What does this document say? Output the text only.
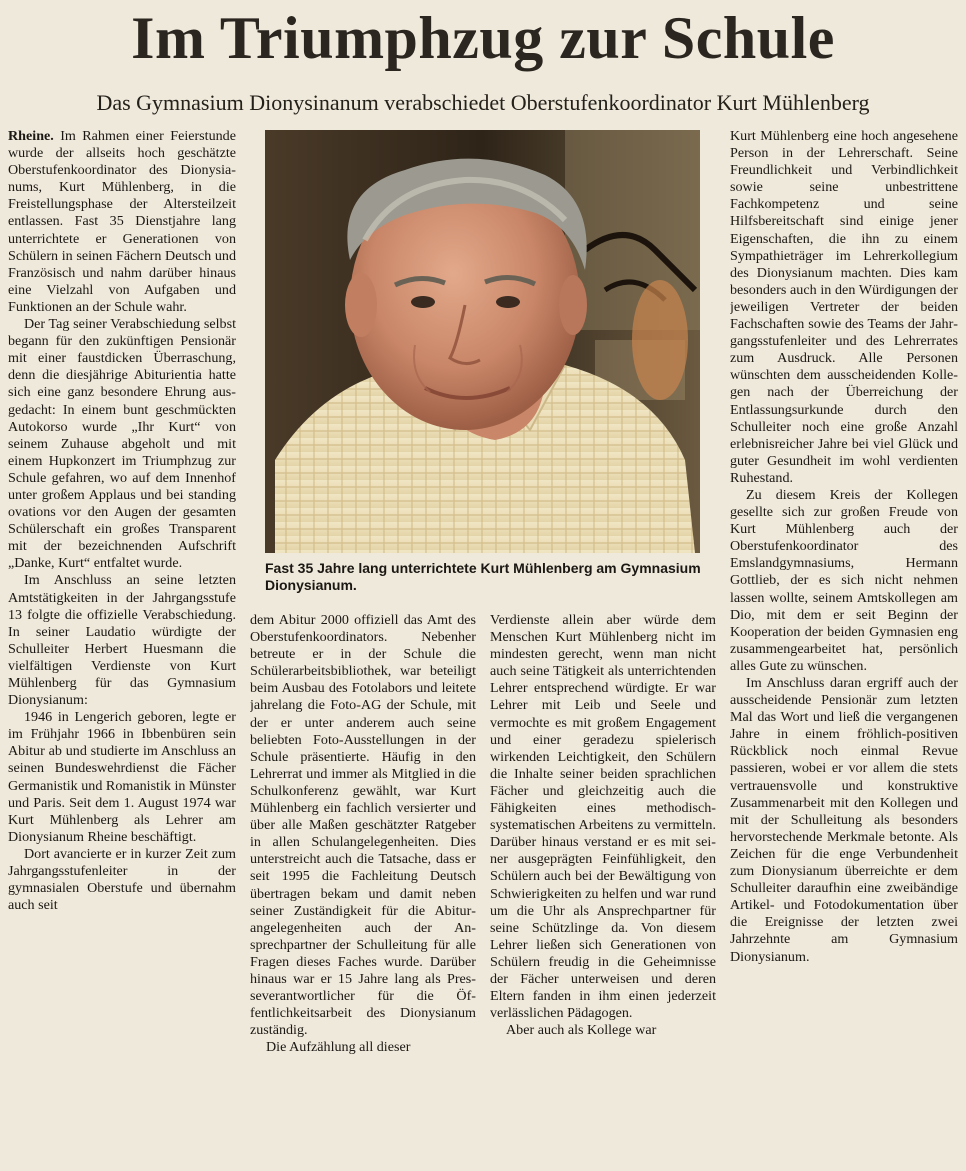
Im Triumphzug zur Schule
Das Gymnasium Dionysinanum verabschiedet Oberstufenkoordinator Kurt Mühlenberg

Rheine. Im Rahmen einer Feierstunde wurde der allseits hoch geschätzte Oberstufenkoordinator des Dionysianums, Kurt Mühlenberg, in die Freistellungsphase der Altersteilzeit entlassen. Fast 35 Dienstjahre lang unterrichtete er Generationen von Schülern in seinen Fächern Deutsch und Französisch und nahm darüber hinaus eine Vielzahl von Aufgaben und Funktionen an der Schule wahr.

Der Tag seiner Verabschiedung selbst begann für den zukünftigen Pensionär mit einer faustdicken Überraschung, denn die diesjährige Abiturientia hatte sich eine ganz besondere Ehrung ausgedacht: In einem bunt geschmückten Autokorso wurde „Ihr Kurt“ von seinem Zuhause abgeholt und mit einem Hupkonzert im Triumphzug zur Schule gefahren, wo auf dem Innenhof unter großem Applaus und bei standing ovations vor den Augen der gesamten Schülerschaft ein großes Transparent mit der bezeichnenden Aufschrift „Danke, Kurt“ entfaltet wurde.

Im Anschluss an seine letzten Amtstätigkeiten in der Jahrgangsstufe 13 folgte die offizielle Verabschiedung. In seiner Laudatio würdigte der Schulleiter Herbert Huesmann die vielfältigen Verdienste von Kurt Mühlenberg für das Gymnasium Dionysianum:

1946 in Lengerich geboren, legte er im Frühjahr 1966 in Ibbenbüren sein Abitur ab und studierte im Anschluss an seinen Bundeswehrdienst die Fächer Germanistik und Romanistik in Münster und Paris. Seit dem 1. August 1974 war Kurt Mühlenberg als Lehrer am Dionysianum Rheine beschäftigt.

Dort avancierte er in kurzer Zeit zum Jahrgangsstufenleiter in der gymnasialen Oberstufe und übernahm auch seit

Fast 35 Jahre lang unterrichtete Kurt Mühlenberg am Gymnasium Dionysianum.

dem Abitur 2000 offiziell das Amt des Oberstufenkoordinators. Nebenher betreute er in der Schule die Schülerarbeitsbibliothek, war beteiligt beim Ausbau des Fotolabors und leitete jahrelang die Foto-AG der Schule, mit der er unter anderem auch seine beliebten Foto-Ausstellungen in der Schule präsentierte. Häufig in den Lehrerrat und immer als Mitglied in die Schulkonferenz gewählt, war Kurt Mühlenberg ein fachlich versierter und über alle Maßen geschätzter Ratgeber in allen Schulangelegenheiten. Dies unterstreicht auch die Tatsache, dass er seit 1995 die Fachleitung Deutsch übertragen bekam und damit neben seiner Zuständigkeit für die Abiturangelegenheiten auch der Ansprechpartner der Schulleitung für alle Fragen dieses Faches wurde. Darüber hinaus war er 15 Jahre lang als Presseverantwortlicher für die Öffentlichkeitsarbeit des Dionysianum zuständig.

Die Aufzählung all dieser

Verdienste allein aber würde dem Menschen Kurt Mühlenberg nicht im mindesten gerecht, wenn man nicht auch seine Tätigkeit als unterrichtenden Lehrer entsprechend würdigte. Er war Lehrer mit Leib und Seele und vermochte es mit großem Engagement und einer geradezu spielerisch wirkenden Leichtigkeit, den Schülern die Inhalte seiner beiden sprachlichen Fächer und gleichzeitig auch die Fähigkeiten eines methodisch-systematischen Arbeitens zu vermitteln. Darüber hinaus verstand er es mit seiner ausgeprägten Feinfühligkeit, den Schülern auch bei der Bewältigung von Schwierigkeiten zu helfen und war rund um die Uhr als Ansprechpartner für seine Schützlinge da. Von diesem Lehrer ließen sich Generationen von Schülern freudig in die Geheimnisse der Fächer unterweisen und deren Eltern fanden in ihm einen jederzeit verlässlichen Pädagogen.

Aber auch als Kollege war

Kurt Mühlenberg eine hoch angesehene Person in der Lehrerschaft. Seine Freundlichkeit und Verbindlichkeit sowie seine unbestrittene Fachkompetenz und seine Hilfsbereitschaft sind einige jener Eigenschaften, die ihn zu einem Sympathieträger im Lehrerkollegium des Dionysianum machten. Dies kam besonders auch in den Würdigungen der jeweiligen Vertreter der beiden Fachschaften sowie des Teams der Jahrgangsstufenleiter und des Lehrerrates zum Ausdruck. Alle Personen wünschten dem ausscheidenden Kollegen nach der Überreichung der Entlassungsurkunde durch den Schulleiter noch eine große Anzahl erlebnisreicher Jahre bei viel Glück und guter Gesundheit im wohl verdienten Ruhestand.

Zu diesem Kreis der Kollegen gesellte sich zur großen Freude von Kurt Mühlenberg auch der Oberstufenkoordinator des Emslandgymnasiums, Hermann Gottlieb, der es sich nicht nehmen lassen wollte, seinem Amtskollegen am Dio, mit dem er seit Beginn der Kooperation der beiden Gymnasien eng zusammengearbeitet hat, persönlich alles Gute zu wünschen.

Im Anschluss daran ergriff auch der ausscheidende Pensionär zum letzten Mal das Wort und ließ die vergangenen Jahre in einem fröhlich-positiven Rückblick noch einmal Revue passieren, wobei er vor allem die stets vertrauensvolle und konstruktive Zusammenarbeit mit den Kollegen und mit der Schulleitung als besonders hervorstechende Merkmale betonte. Als Zeichen für die enge Verbundenheit zum Dionysianum überreichte er dem Schulleiter daraufhin eine zweibändige Artikel- und Fotodokumentation über die Ereignisse der letzten zwei Jahrzehnte am Gymnasium Dionysianum.
